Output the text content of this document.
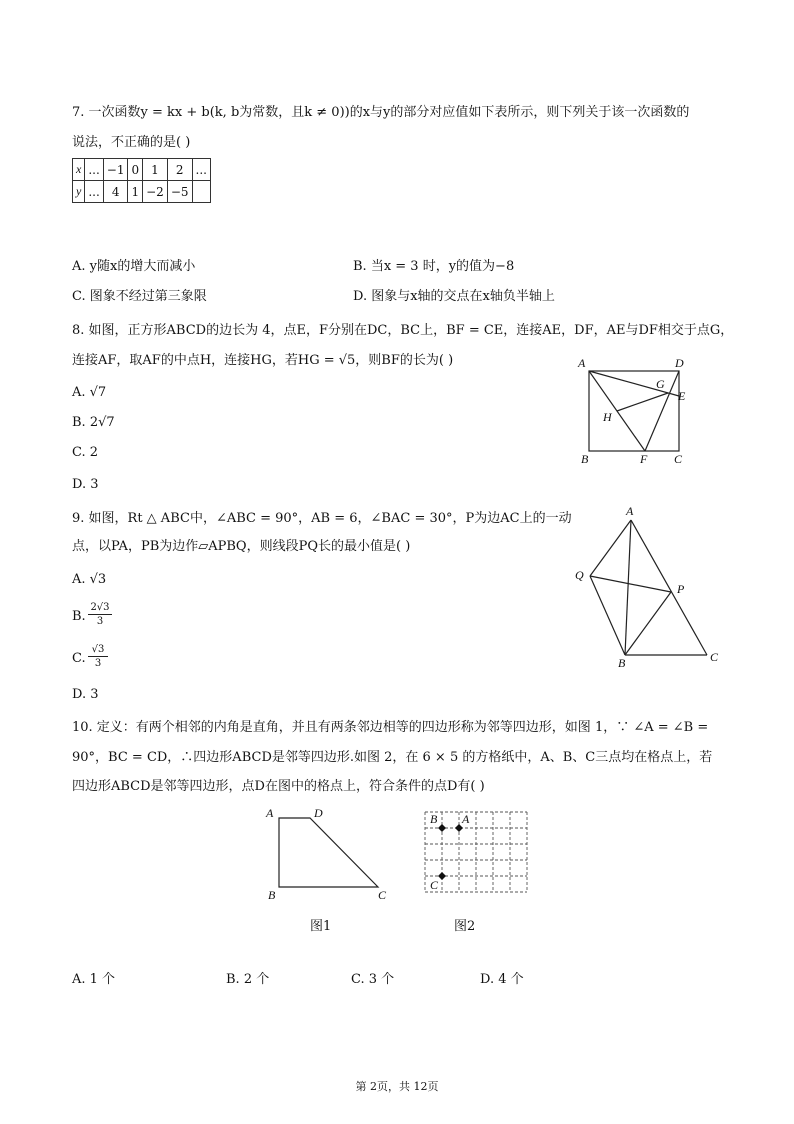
7. 一次函数y = kx + b(k, b为常数，且k ≠ 0))的x与y的部分对应值如下表所示，则下列关于该一次函数的
说法，不正确的是( )
x	...	−1	0	1	2	...
y	...	4	1	−2	−5	
A. y随x的增大而减小	B. 当x = 3 时，y的值为−8
C. 图象不经过第三象限	D. 图象与x轴的交点在x轴负半轴上
8. 如图，正方形ABCD的边长为 4，点E，F分别在DC，BC上，BF = CE，连接AE，DF，AE与DF相交于点G，
连接AF，取AF的中点H，连接HG，若HG = √5，则BF的长为( )
A. √7
B. 2√7
C. 2
D. 3
A	D
G
E
H
B	F C
9. 如图，Rt △ ABC中，∠ABC = 90°，AB = 6，∠BAC = 30°，P为边AC上的一动
点，以PA，PB为边作▱APBQ，则线段PQ长的最小值是( )
A. √3
B.
2√3
3
C.
√3
3
D. 3
A
Q
P
B	C
10. 定义：有两个相邻的内角是直角，并且有两条邻边相等的四边形称为邻等四边形，如图 1，∵ ∠A = ∠B =
90°，BC = CD，∴四边形ABCD是邻等四边形.如图 2，在 6 × 5 的方格纸中，A、B、C三点均在格点上，若
四边形ABCD是邻等四边形，点D在图中的格点上，符合条件的点D有( )
A	D
B	C
图1
B A
C
图2
A. 1 个	B. 2 个	C. 3 个	D. 4 个
第 2页，共 12页
